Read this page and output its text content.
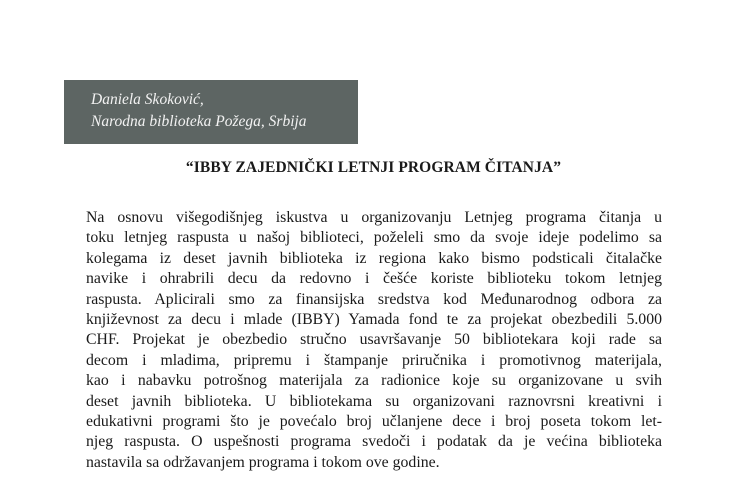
Daniela Skoković,
Narodna biblioteka Požega, Srbija
“IBBY ZAJEDNIČKI LETNJI PROGRAM ČITANJA”
Na osnovu višegodišnjeg iskustva u organizovanju Letnjeg programa čitanja u
toku letnjeg raspusta u našoj biblioteci, poželeli smo da svoje ideje podelimo sa
kolegama iz deset javnih biblioteka iz regiona kako bismo podsticali čitalačke
navike i ohrabrili decu da redovno i češće koriste biblioteku tokom letnjeg
raspusta. Aplicirali smo za finansijska sredstva kod Međunarodnog odbora za
književnost za decu i mlade (IBBY) Yamada fond te za projekat obezbedili 5.000
CHF. Projekat je obezbedio stručno usavršavanje 50 bibliotekara koji rade sa
decom i mladima, pripremu i štampanje priručnika i promotivnog materijala,
kao i nabavku potrošnog materijala za radionice koje su organizovane u svih
deset javnih biblioteka. U bibliotekama su organizovani raznovrsni kreativni i
edukativni programi što je povećalo broj učlanjene dece i broj poseta tokom let-
njeg raspusta. O uspešnosti programa svedoči i podatak da je većina biblioteka
nastavila sa održavanjem programa i tokom ove godine.
